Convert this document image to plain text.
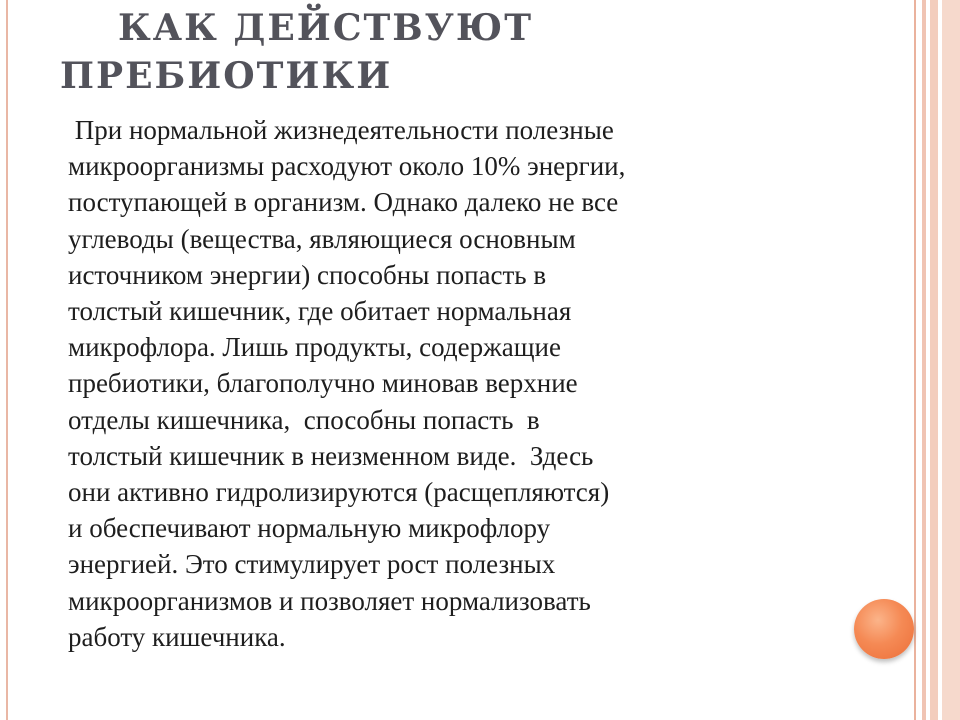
КАК ДЕЙСТВУЮТ
ПРЕБИОТИКИ

При нормальной жизнедеятельности полезные
микроорганизмы расходуют около 10% энергии,
поступающей в организм. Однако далеко не все
углеводы (вещества, являющиеся основным
источником энергии) способны попасть в
толстый кишечник, где обитает нормальная
микрофлора. Лишь продукты, содержащие
пребиотики, благополучно миновав верхние
отделы кишечника,  способны попасть  в
толстый кишечник в неизменном виде.  Здесь
они активно гидролизируются (расщепляются)
и обеспечивают нормальную микрофлору
энергией. Это стимулирует рост полезных
микроорганизмов и позволяет нормализовать
работу кишечника.
